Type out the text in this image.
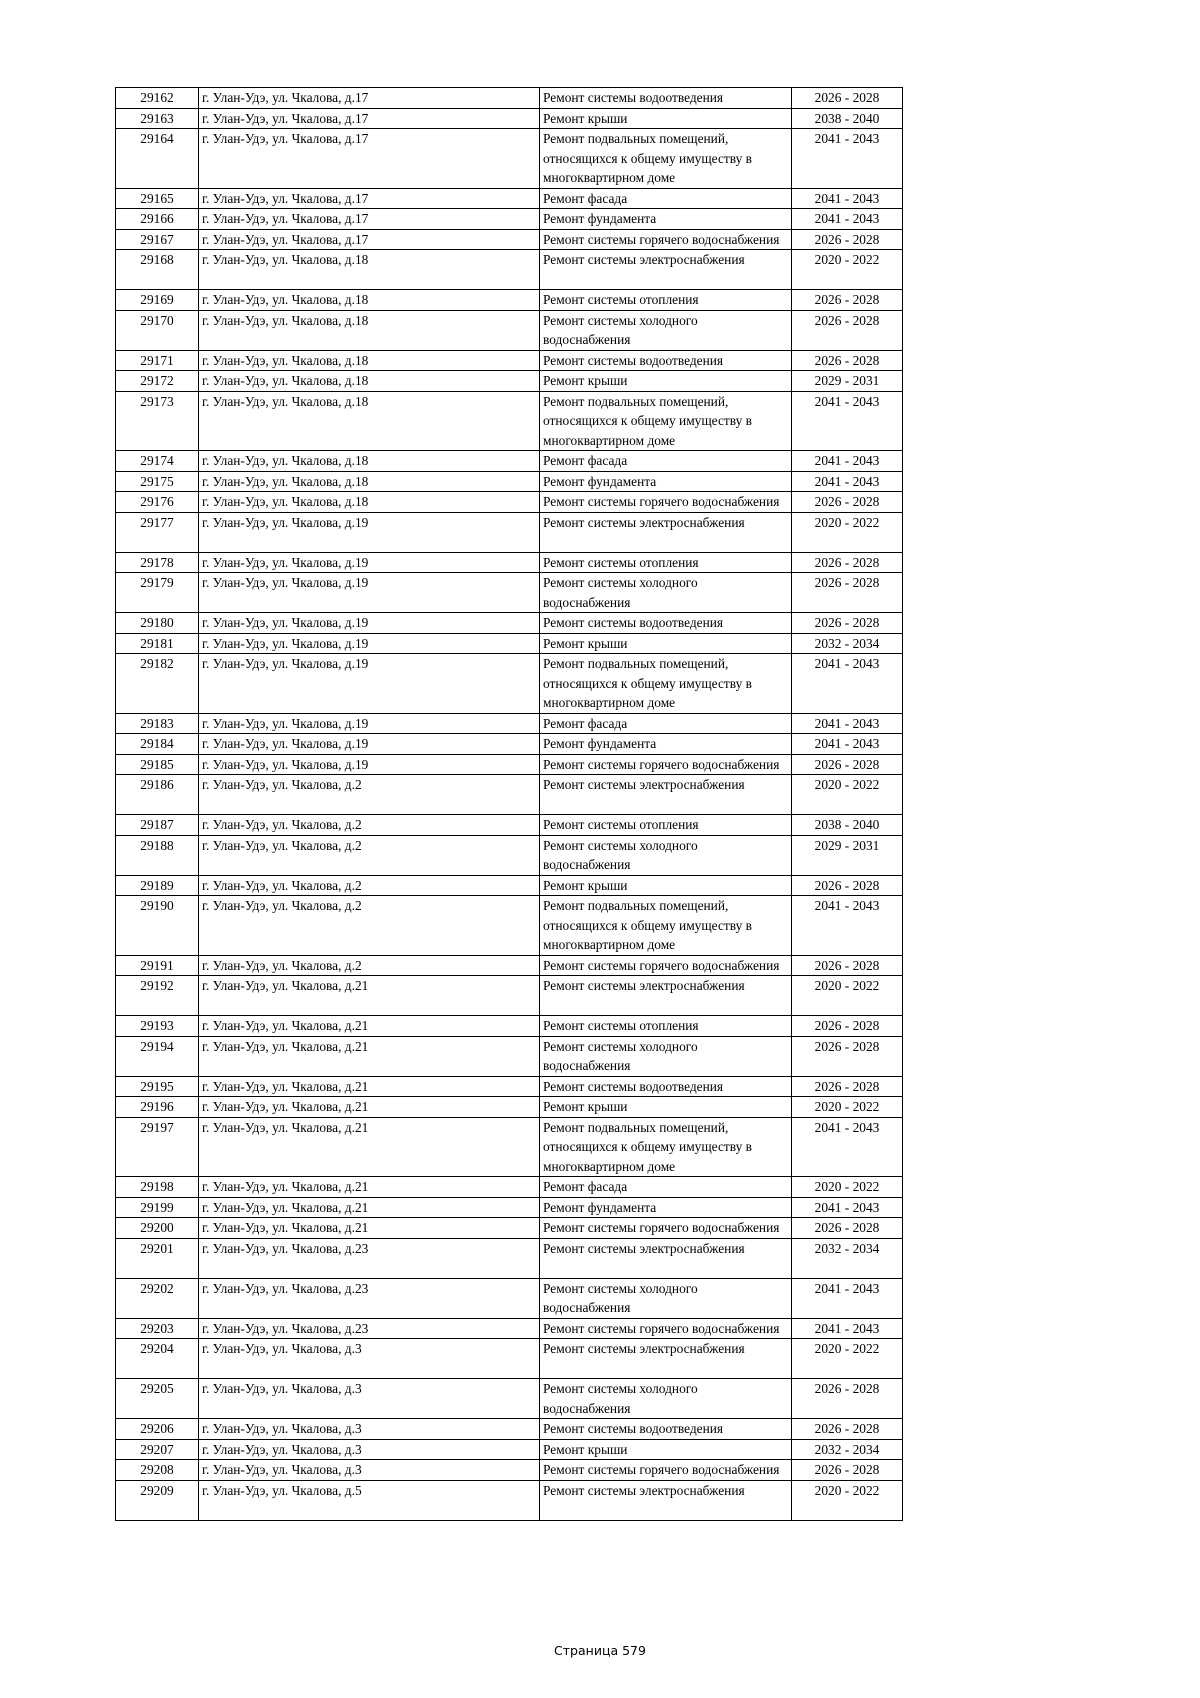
29162	г. Улан-Удэ, ул. Чкалова, д.17	Ремонт системы водоотведения	2026 - 2028
29163	г. Улан-Удэ, ул. Чкалова, д.17	Ремонт крыши	2038 - 2040
29164	г. Улан-Удэ, ул. Чкалова, д.17	Ремонт подвальных помещений, относящихся к общему имуществу в многоквартирном доме	2041 - 2043
29165	г. Улан-Удэ, ул. Чкалова, д.17	Ремонт фасада	2041 - 2043
29166	г. Улан-Удэ, ул. Чкалова, д.17	Ремонт фундамента	2041 - 2043
29167	г. Улан-Удэ, ул. Чкалова, д.17	Ремонт системы горячего водоснабжения	2026 - 2028
29168	г. Улан-Удэ, ул. Чкалова, д.18	Ремонт системы электроснабжения	2020 - 2022
29169	г. Улан-Удэ, ул. Чкалова, д.18	Ремонт системы отопления	2026 - 2028
29170	г. Улан-Удэ, ул. Чкалова, д.18	Ремонт системы холодного водоснабжения	2026 - 2028
29171	г. Улан-Удэ, ул. Чкалова, д.18	Ремонт системы водоотведения	2026 - 2028
29172	г. Улан-Удэ, ул. Чкалова, д.18	Ремонт крыши	2029 - 2031
29173	г. Улан-Удэ, ул. Чкалова, д.18	Ремонт подвальных помещений, относящихся к общему имуществу в многоквартирном доме	2041 - 2043
29174	г. Улан-Удэ, ул. Чкалова, д.18	Ремонт фасада	2041 - 2043
29175	г. Улан-Удэ, ул. Чкалова, д.18	Ремонт фундамента	2041 - 2043
29176	г. Улан-Удэ, ул. Чкалова, д.18	Ремонт системы горячего водоснабжения	2026 - 2028
29177	г. Улан-Удэ, ул. Чкалова, д.19	Ремонт системы электроснабжения	2020 - 2022
29178	г. Улан-Удэ, ул. Чкалова, д.19	Ремонт системы отопления	2026 - 2028
29179	г. Улан-Удэ, ул. Чкалова, д.19	Ремонт системы холодного водоснабжения	2026 - 2028
29180	г. Улан-Удэ, ул. Чкалова, д.19	Ремонт системы водоотведения	2026 - 2028
29181	г. Улан-Удэ, ул. Чкалова, д.19	Ремонт крыши	2032 - 2034
29182	г. Улан-Удэ, ул. Чкалова, д.19	Ремонт подвальных помещений, относящихся к общему имуществу в многоквартирном доме	2041 - 2043
29183	г. Улан-Удэ, ул. Чкалова, д.19	Ремонт фасада	2041 - 2043
29184	г. Улан-Удэ, ул. Чкалова, д.19	Ремонт фундамента	2041 - 2043
29185	г. Улан-Удэ, ул. Чкалова, д.19	Ремонт системы горячего водоснабжения	2026 - 2028
29186	г. Улан-Удэ, ул. Чкалова, д.2	Ремонт системы электроснабжения	2020 - 2022
29187	г. Улан-Удэ, ул. Чкалова, д.2	Ремонт системы отопления	2038 - 2040
29188	г. Улан-Удэ, ул. Чкалова, д.2	Ремонт системы холодного водоснабжения	2029 - 2031
29189	г. Улан-Удэ, ул. Чкалова, д.2	Ремонт крыши	2026 - 2028
29190	г. Улан-Удэ, ул. Чкалова, д.2	Ремонт подвальных помещений, относящихся к общему имуществу в многоквартирном доме	2041 - 2043
29191	г. Улан-Удэ, ул. Чкалова, д.2	Ремонт системы горячего водоснабжения	2026 - 2028
29192	г. Улан-Удэ, ул. Чкалова, д.21	Ремонт системы электроснабжения	2020 - 2022
29193	г. Улан-Удэ, ул. Чкалова, д.21	Ремонт системы отопления	2026 - 2028
29194	г. Улан-Удэ, ул. Чкалова, д.21	Ремонт системы холодного водоснабжения	2026 - 2028
29195	г. Улан-Удэ, ул. Чкалова, д.21	Ремонт системы водоотведения	2026 - 2028
29196	г. Улан-Удэ, ул. Чкалова, д.21	Ремонт крыши	2020 - 2022
29197	г. Улан-Удэ, ул. Чкалова, д.21	Ремонт подвальных помещений, относящихся к общему имуществу в многоквартирном доме	2041 - 2043
29198	г. Улан-Удэ, ул. Чкалова, д.21	Ремонт фасада	2020 - 2022
29199	г. Улан-Удэ, ул. Чкалова, д.21	Ремонт фундамента	2041 - 2043
29200	г. Улан-Удэ, ул. Чкалова, д.21	Ремонт системы горячего водоснабжения	2026 - 2028
29201	г. Улан-Удэ, ул. Чкалова, д.23	Ремонт системы электроснабжения	2032 - 2034
29202	г. Улан-Удэ, ул. Чкалова, д.23	Ремонт системы холодного водоснабжения	2041 - 2043
29203	г. Улан-Удэ, ул. Чкалова, д.23	Ремонт системы горячего водоснабжения	2041 - 2043
29204	г. Улан-Удэ, ул. Чкалова, д.3	Ремонт системы электроснабжения	2020 - 2022
29205	г. Улан-Удэ, ул. Чкалова, д.3	Ремонт системы холодного водоснабжения	2026 - 2028
29206	г. Улан-Удэ, ул. Чкалова, д.3	Ремонт системы водоотведения	2026 - 2028
29207	г. Улан-Удэ, ул. Чкалова, д.3	Ремонт крыши	2032 - 2034
29208	г. Улан-Удэ, ул. Чкалова, д.3	Ремонт системы горячего водоснабжения	2026 - 2028
29209	г. Улан-Удэ, ул. Чкалова, д.5	Ремонт системы электроснабжения	2020 - 2022
Страница 579
